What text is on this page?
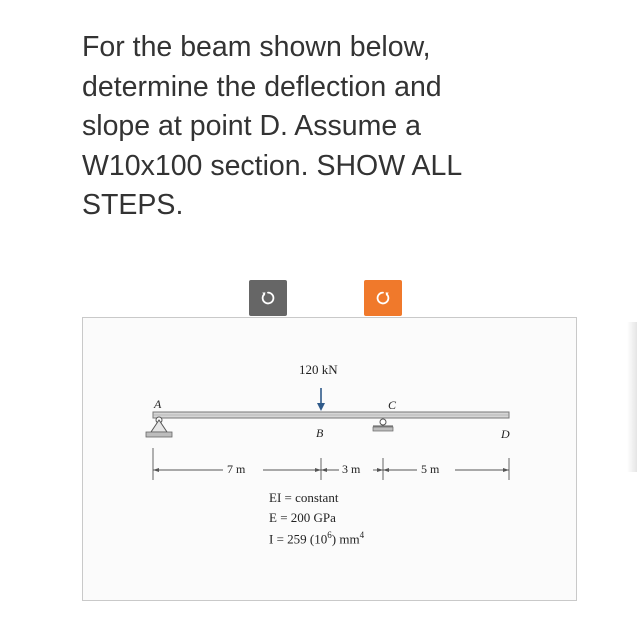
For the beam shown below,
determine the deflection and
slope at point D. Assume a
W10x100 section. SHOW ALL
STEPS.
120 kN
A
B
C
D
7 m	3 m	5 m
EI = constant
E = 200 GPa
I = 259 $(10^6)$ $mm^4$
